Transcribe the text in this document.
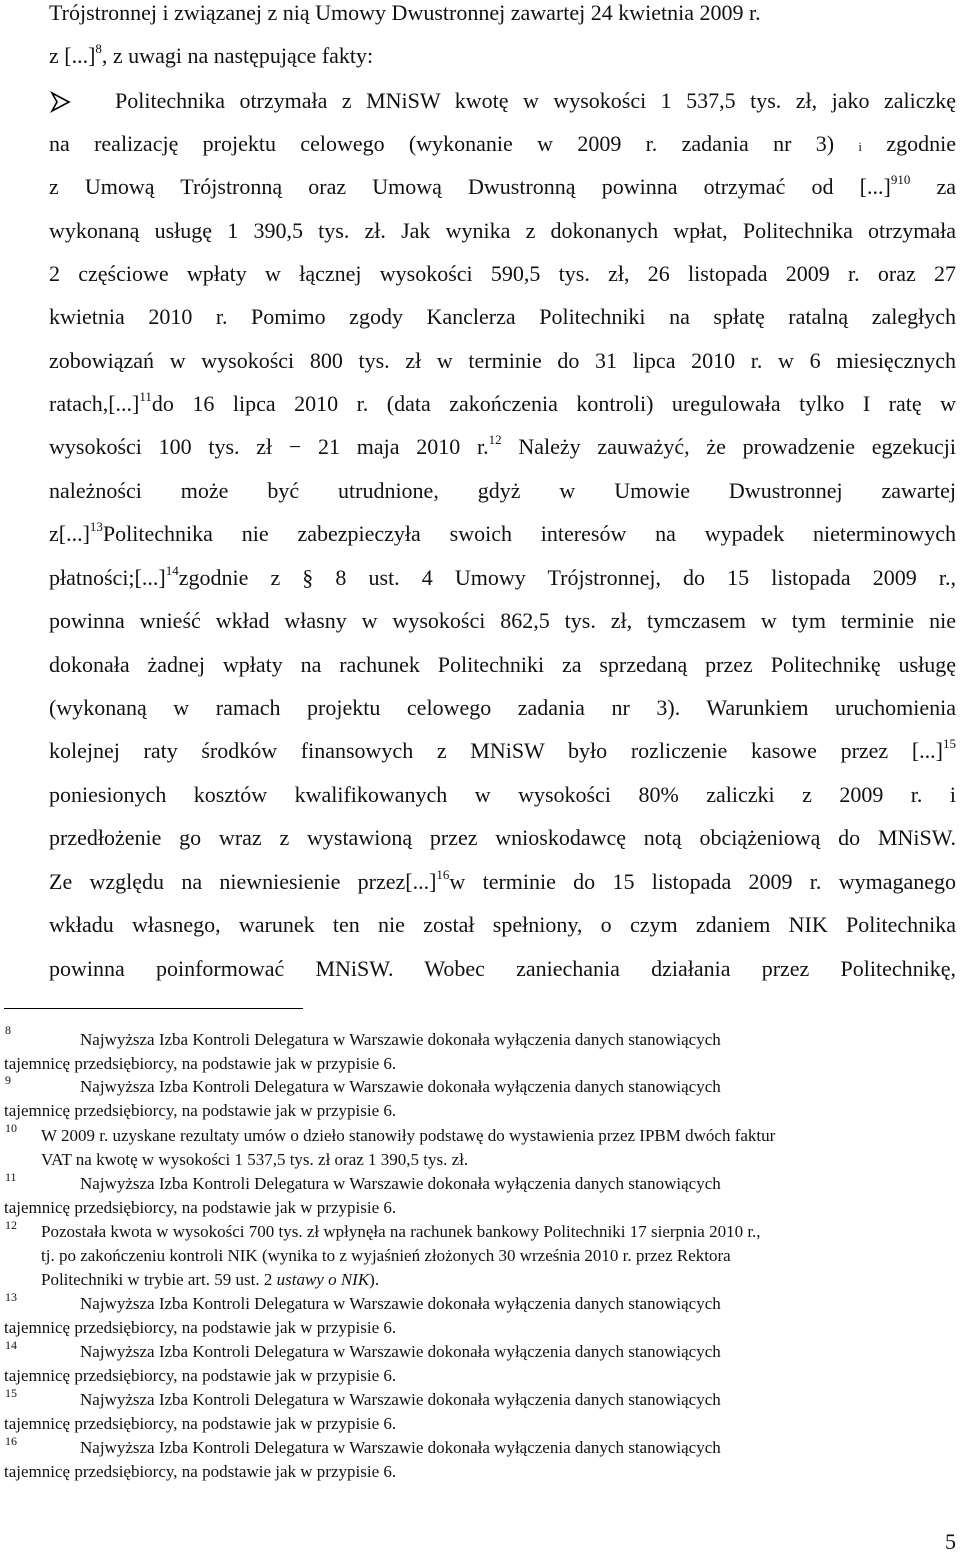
Trójstronnej i związanej z nią Umowy Dwustronnej zawartej 24 kwietnia 2009 r.
z [...]$^8$, z uwagi na następujące fakty:
Politechnika otrzymała z MNiSW kwotę w wysokości 1 537,5 tys. zł, jako zaliczkę
na realizację projektu celowego (wykonanie w 2009 r. zadania nr 3) i zgodnie
z Umową Trójstronną oraz Umową Dwustronną powinna otrzymać od [...]$^{910}$ za
wykonaną usługę 1 390,5 tys. zł. Jak wynika z dokonanych wpłat, Politechnika otrzymała
2 częściowe wpłaty w łącznej wysokości 590,5 tys. zł, 26 listopada 2009 r. oraz 27
kwietnia 2010 r. Pomimo zgody Kanclerza Politechniki na spłatę ratalną zaległych
zobowiązań w wysokości 800 tys. zł w terminie do 31 lipca 2010 r. w 6 miesięcznych
ratach,[...]$^{11}$do 16 lipca 2010 r. (data zakończenia kontroli) uregulowała tylko I ratę w
wysokości 100 tys. zł − 21 maja 2010 r.$^{12}$ Należy zauważyć, że prowadzenie egzekucji
należności może być utrudnione, gdyż w Umowie Dwustronnej zawartej
z[...]$^{13}$Politechnika nie zabezpieczyła swoich interesów na wypadek nieterminowych
płatności;[...]$^{14}$zgodnie z § 8 ust. 4 Umowy Trójstronnej, do 15 listopada 2009 r.,
powinna wnieść wkład własny w wysokości 862,5 tys. zł, tymczasem w tym terminie nie
dokonała żadnej wpłaty na rachunek Politechniki za sprzedaną przez Politechnikę usługę
(wykonaną w ramach projektu celowego zadania nr 3). Warunkiem uruchomienia
kolejnej raty środków finansowych z MNiSW było rozliczenie kasowe przez [...]$^{15}$
poniesionych kosztów kwalifikowanych w wysokości 80% zaliczki z 2009 r. i
przedłożenie go wraz z wystawioną przez wnioskodawcę notą obciążeniową do MNiSW.
Ze względu na niewniesienie przez[...]$^{16}$w terminie do 15 listopada 2009 r. wymaganego
wkładu własnego, warunek ten nie został spełniony, o czym zdaniem NIK Politechnika
powinna poinformować MNiSW. Wobec zaniechania działania przez Politechnikę,
8	Najwyższa Izba Kontroli Delegatura w Warszawie dokonała wyłączenia danych stanowiących
tajemnicę przedsiębiorcy, na podstawie jak w przypisie 6.
9	Najwyższa Izba Kontroli Delegatura w Warszawie dokonała wyłączenia danych stanowiących
tajemnicę przedsiębiorcy, na podstawie jak w przypisie 6.
10 W 2009 r. uzyskane rezultaty umów o dzieło stanowiły podstawę do wystawienia przez IPBM dwóch faktur
VAT na kwotę w wysokości 1 537,5 tys. zł oraz 1 390,5 tys. zł.
11	Najwyższa Izba Kontroli Delegatura w Warszawie dokonała wyłączenia danych stanowiących
tajemnicę przedsiębiorcy, na podstawie jak w przypisie 6.
12 Pozostała kwota w wysokości 700 tys. zł wpłynęła na rachunek bankowy Politechniki 17 sierpnia 2010 r.,
tj. po zakończeniu kontroli NIK (wynika to z wyjaśnień złożonych 30 września 2010 r. przez Rektora
Politechniki w trybie art. 59 ust. 2 ustawy o NIK).
13	Najwyższa Izba Kontroli Delegatura w Warszawie dokonała wyłączenia danych stanowiących
tajemnicę przedsiębiorcy, na podstawie jak w przypisie 6.
14	Najwyższa Izba Kontroli Delegatura w Warszawie dokonała wyłączenia danych stanowiących
tajemnicę przedsiębiorcy, na podstawie jak w przypisie 6.
15	Najwyższa Izba Kontroli Delegatura w Warszawie dokonała wyłączenia danych stanowiących
tajemnicę przedsiębiorcy, na podstawie jak w przypisie 6.
16	Najwyższa Izba Kontroli Delegatura w Warszawie dokonała wyłączenia danych stanowiących
tajemnicę przedsiębiorcy, na podstawie jak w przypisie 6.
5
